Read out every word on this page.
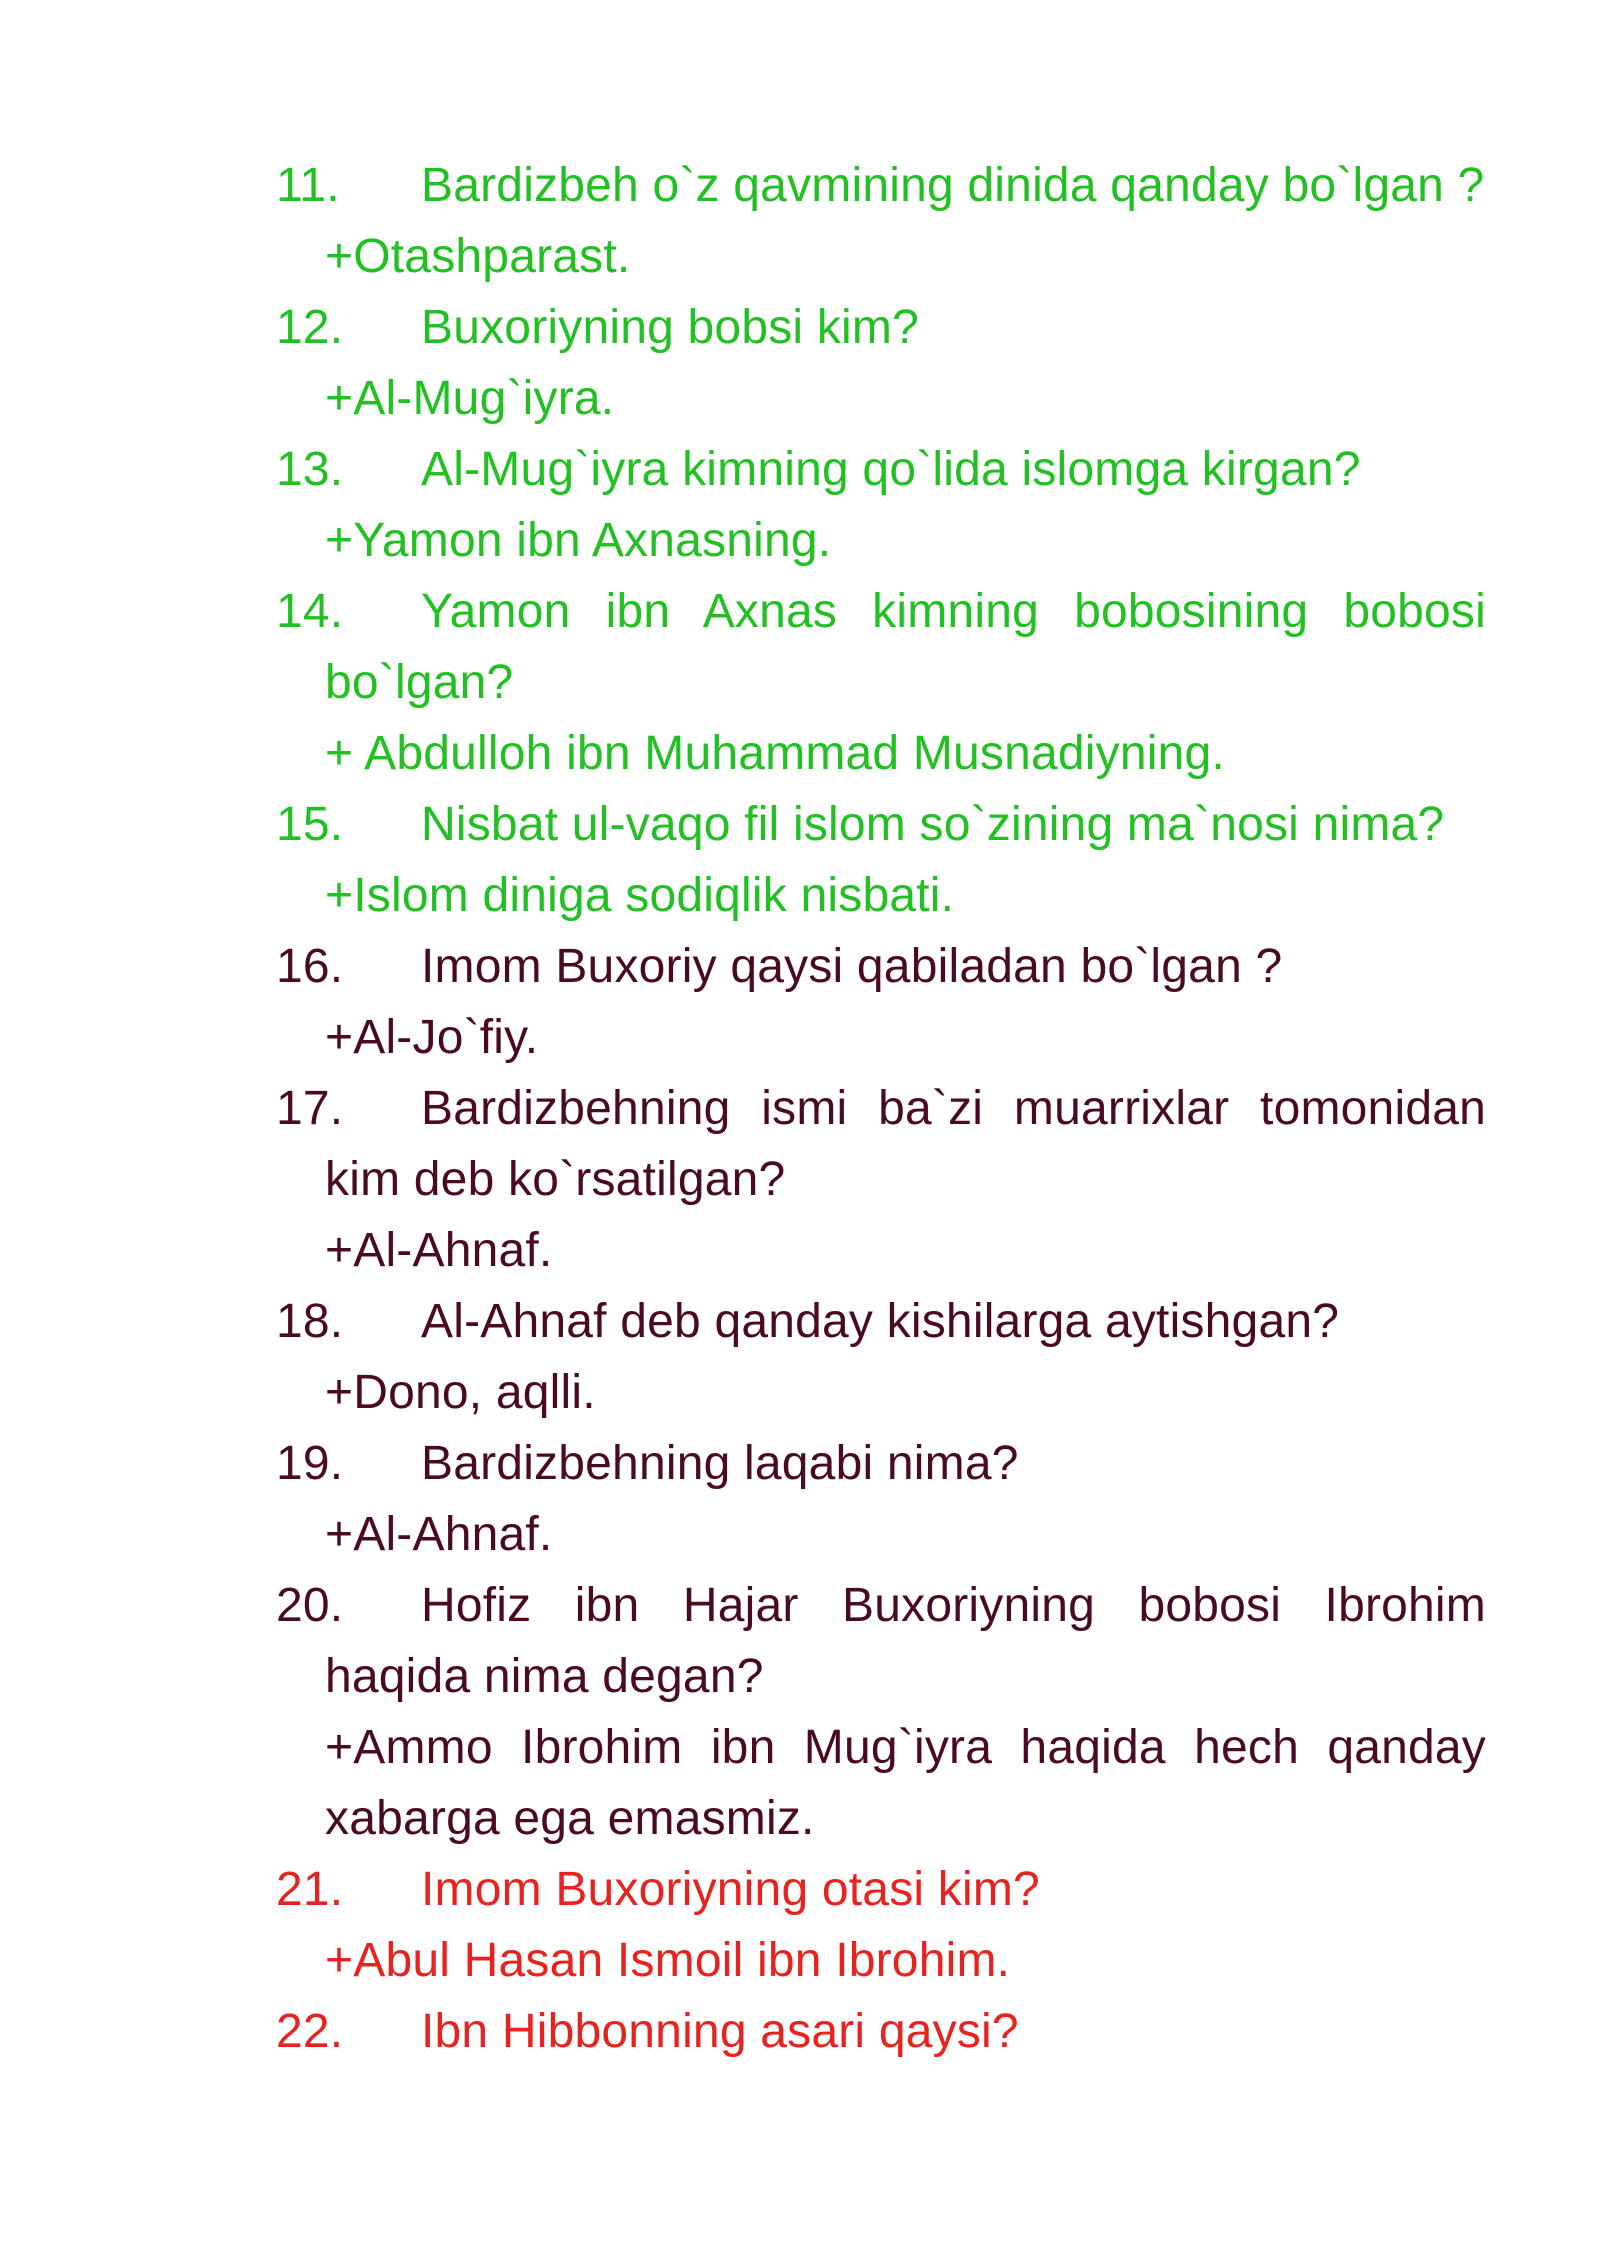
11.	Bardizbeh o`z qavmining dinida qanday bo`lgan ?
+Otashparast.
12.	Buxoriyning bobsi kim?
+Al-Mug`iyra.
13.	Al-Mug`iyra kimning qo`lida islomga kirgan?
+Yamon ibn Axnasning.
14.	Yamon ibn Axnas kimning bobosining bobosi
bo`lgan?
+ Abdulloh ibn Muhammad Musnadiyning.
15.	Nisbat ul-vaqo fil islom so`zining ma`nosi nima?
+Islom diniga sodiqlik nisbati.
16.	Imom Buxoriy qaysi qabiladan bo`lgan ?
+Al-Jo`fiy.
17.	Bardizbehning ismi ba`zi muarrixlar tomonidan
kim deb ko`rsatilgan?
+Al-Ahnaf.
18.	Al-Ahnaf deb qanday kishilarga aytishgan?
+Dono, aqlli.
19.	Bardizbehning laqabi nima?
+Al-Ahnaf.
20.	Hofiz ibn Hajar Buxoriyning bobosi Ibrohim
haqida nima degan?
+Ammo Ibrohim ibn Mug`iyra haqida hech qanday
xabarga ega emasmiz.
21.	Imom Buxoriyning otasi kim?
+Abul Hasan Ismoil ibn Ibrohim.
22.	Ibn Hibbonning asari qaysi?
